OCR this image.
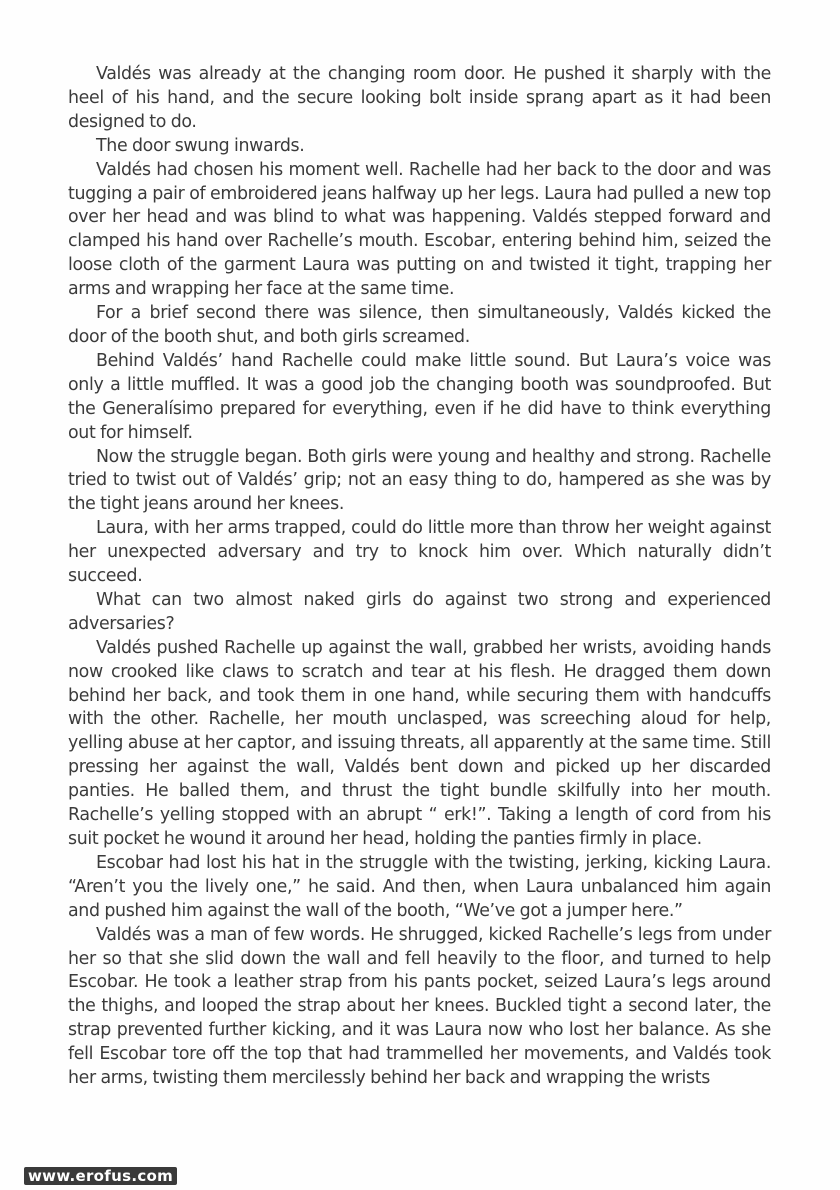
Valdés was already at the changing room door. He pushed it sharply with the heel of his hand, and the secure looking bolt inside sprang apart as it had been designed to do.

The door swung inwards.

Valdés had chosen his moment well. Rachelle had her back to the door and was tugging a pair of embroidered jeans halfway up her legs. Laura had pulled a new top over her head and was blind to what was happening. Valdés stepped forward and clamped his hand over Rachelle’s mouth. Escobar, entering behind him, seized the loose cloth of the garment Laura was putting on and twisted it tight, trapping her arms and wrapping her face at the same time.

For a brief second there was silence, then simultaneously, Valdés kicked the door of the booth shut, and both girls screamed.

Behind Valdés’ hand Rachelle could make little sound. But Laura’s voice was only a little muffled. It was a good job the changing booth was soundproofed. But the Generalísimo prepared for everything, even if he did have to think everything out for himself.

Now the struggle began. Both girls were young and healthy and strong. Rachelle tried to twist out of Valdés’ grip; not an easy thing to do, hampered as she was by the tight jeans around her knees.

Laura, with her arms trapped, could do little more than throw her weight against her unexpected adversary and try to knock him over. Which naturally didn’t succeed.

What can two almost naked girls do against two strong and experienced adversaries?

Valdés pushed Rachelle up against the wall, grabbed her wrists, avoiding hands now crooked like claws to scratch and tear at his flesh. He dragged them down behind her back, and took them in one hand, while securing them with handcuffs with the other. Rachelle, her mouth unclasped, was screeching aloud for help, yelling abuse at her captor, and issuing threats, all apparently at the same time. Still pressing her against the wall, Valdés bent down and picked up her discarded panties. He balled them, and thrust the tight bundle skilfully into her mouth. Rachelle’s yelling stopped with an abrupt “ erk!”. Taking a length of cord from his suit pocket he wound it around her head, holding the panties firmly in place.

Escobar had lost his hat in the struggle with the twisting, jerking, kicking Laura. “Aren’t you the lively one,” he said. And then, when Laura unbalanced him again and pushed him against the wall of the booth, “We’ve got a jumper here.”

Valdés was a man of few words. He shrugged, kicked Rachelle’s legs from under her so that she slid down the wall and fell heavily to the floor, and turned to help Escobar. He took a leather strap from his pants pocket, seized Laura’s legs around the thighs, and looped the strap about her knees. Buckled tight a second later, the strap prevented further kicking, and it was Laura now who lost her balance. As she fell Escobar tore off the top that had trammelled her movements, and Valdés took her arms, twisting them mercilessly behind her back and wrapping the wrists

www.erofus.com
